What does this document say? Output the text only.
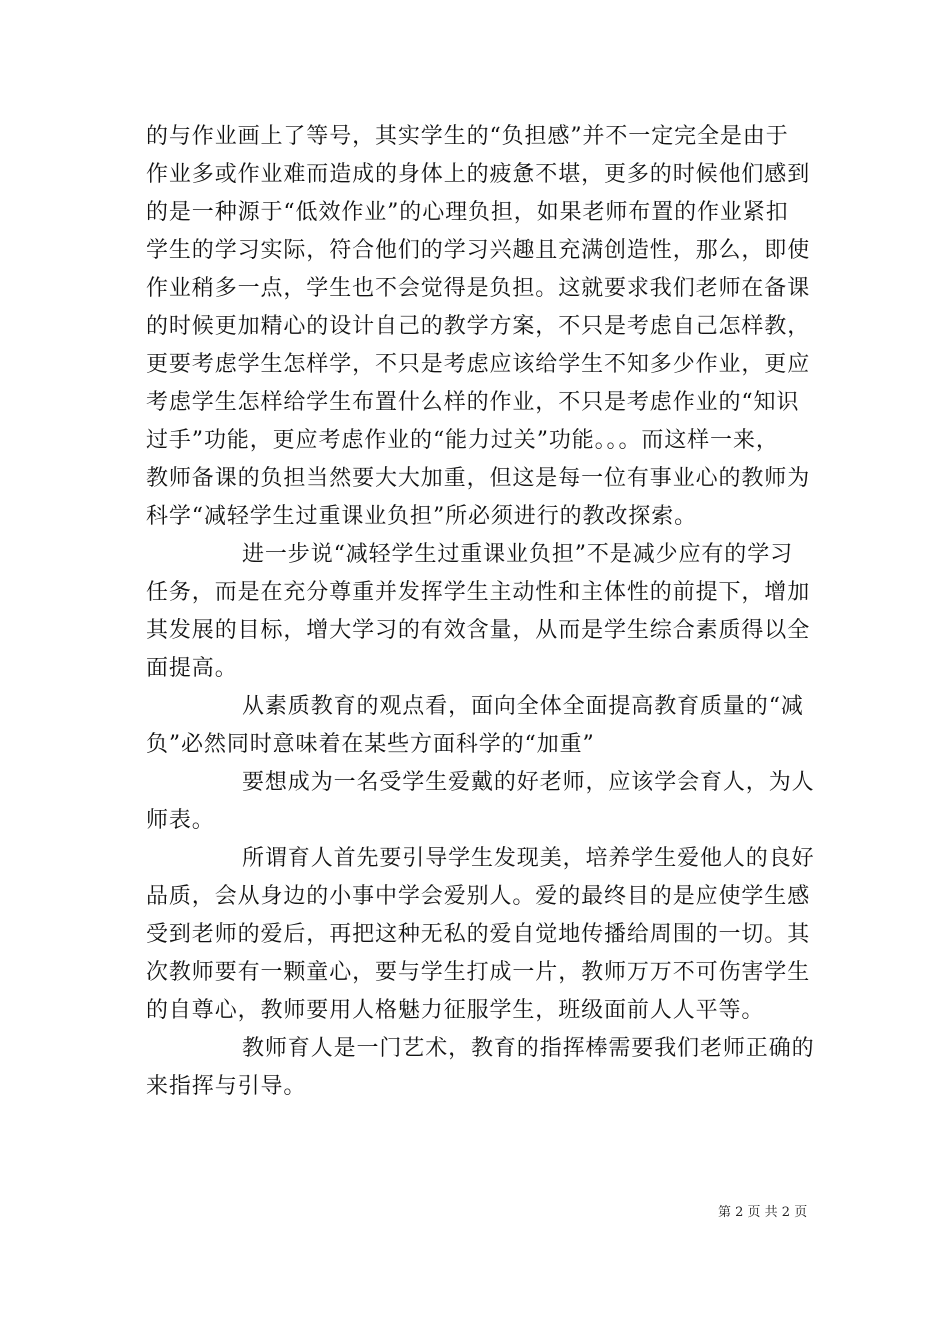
的与作业画上了等号，其实学生的“负担感”并不一定完全是由于
作业多或作业难而造成的身体上的疲惫不堪，更多的时候他们感到
的是一种源于“低效作业”的心理负担，如果老师布置的作业紧扣
学生的学习实际，符合他们的学习兴趣且充满创造性，那么，即使
作业稍多一点，学生也不会觉得是负担。这就要求我们老师在备课
的时候更加精心的设计自己的教学方案，不只是考虑自己怎样教，
更要考虑学生怎样学，不只是考虑应该给学生不知多少作业，更应
考虑学生怎样给学生布置什么样的作业，不只是考虑作业的“知识
过手”功能，更应考虑作业的“能力过关”功能。。。而这样一来，
教师备课的负担当然要大大加重，但这是每一位有事业心的教师为
科学“减轻学生过重课业负担”所必须进行的教改探索。
进一步说“减轻学生过重课业负担”不是减少应有的学习
任务，而是在充分尊重并发挥学生主动性和主体性的前提下，增加
其发展的目标，增大学习的有效含量，从而是学生综合素质得以全
面提高。
从素质教育的观点看，面向全体全面提高教育质量的“减
负”必然同时意味着在某些方面科学的“加重”
要想成为一名受学生爱戴的好老师，应该学会育人，为人
师表。
所谓育人首先要引导学生发现美，培养学生爱他人的良好
品质，会从身边的小事中学会爱别人。爱的最终目的是应使学生感
受到老师的爱后，再把这种无私的爱自觉地传播给周围的一切。其
次教师要有一颗童心，要与学生打成一片，教师万万不可伤害学生
的自尊心，教师要用人格魅力征服学生，班级面前人人平等。
教师育人是一门艺术，教育的指挥棒需要我们老师正确的
来指挥与引导。
第 2 页 共 2 页
